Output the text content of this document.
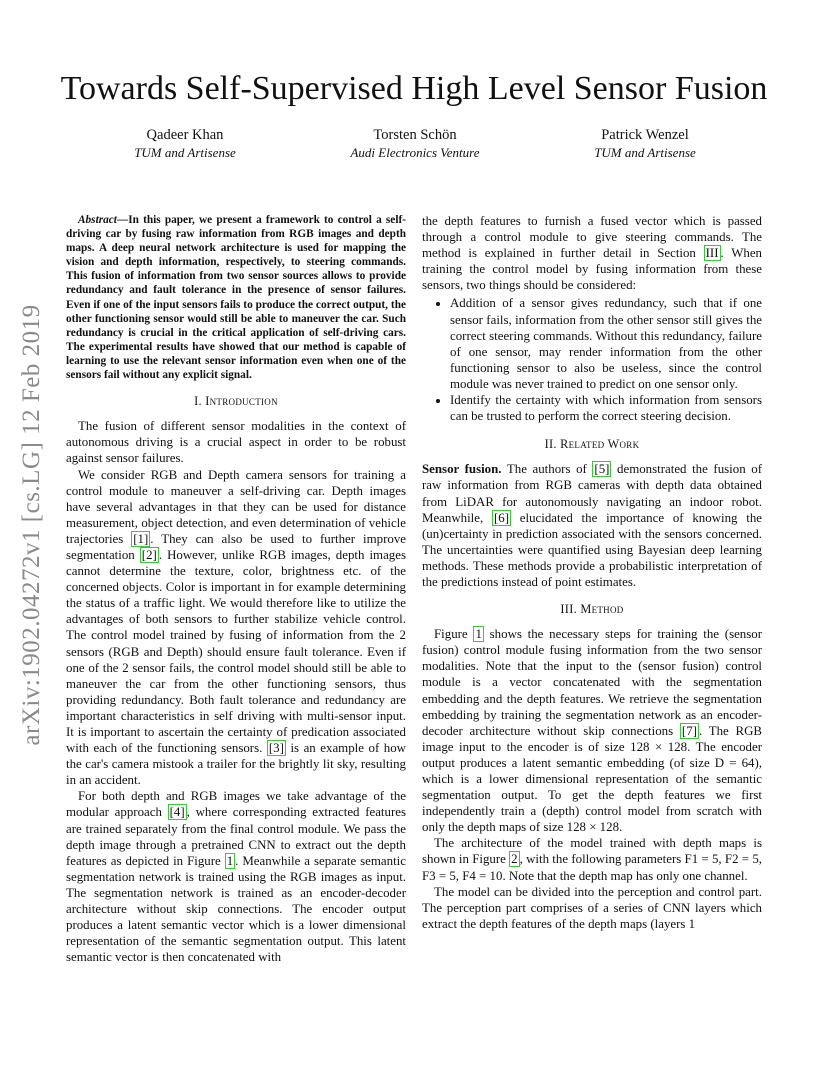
arXiv:1902.04272v1 [cs.LG] 12 Feb 2019
Towards Self-Supervised High Level Sensor Fusion
Qadeer Khan
TUM and Artisense
Torsten Schön
Audi Electronics Venture
Patrick Wenzel
TUM and Artisense

Abstract—In this paper, we present a framework to control a self-driving car by fusing raw information from RGB images and depth maps. A deep neural network architecture is used for mapping the vision and depth information, respectively, to steering commands. This fusion of information from two sensor sources allows to provide redundancy and fault tolerance in the presence of sensor failures. Even if one of the input sensors fails to produce the correct output, the other functioning sensor would still be able to maneuver the car. Such redundancy is crucial in the critical application of self-driving cars. The experimental results have showed that our method is capable of learning to use the relevant sensor information even when one of the sensors fail without any explicit signal.

I. Introduction

The fusion of different sensor modalities in the context of autonomous driving is a crucial aspect in order to be robust against sensor failures.

We consider RGB and Depth camera sensors for training a control module to maneuver a self-driving car. Depth images have several advantages in that they can be used for distance measurement, object detection, and even determination of vehicle trajectories [1] . They can also be used to further improve segmentation [2] . However, unlike RGB images, depth images cannot determine the texture, color, brightness etc. of the concerned objects. Color is important in for example determining the status of a traffic light. We would therefore like to utilize the advantages of both sensors to further stabilize vehicle control. The control model trained by fusing of information from the 2 sensors (RGB and Depth) should ensure fault tolerance. Even if one of the 2 sensor fails, the control model should still be able to maneuver the car from the other functioning sensors, thus providing redundancy. Both fault tolerance and redundancy are important characteristics in self driving with multi-sensor input. It is important to ascertain the certainty of predication associated with each of the functioning sensors. [3] is an example of how the car's camera mistook a trailer for the brightly lit sky, resulting in an accident.

For both depth and RGB images we take advantage of the modular approach [4] , where corresponding extracted features are trained separately from the final control module. We pass the depth image through a pretrained CNN to extract out the depth features as depicted in Figure 1 . Meanwhile a separate semantic segmentation network is trained using the RGB images as input. The segmentation network is trained as an encoder-decoder architecture without skip connections. The encoder output produces a latent semantic vector which is a lower dimensional representation of the semantic segmentation output. This latent semantic vector is then concatenated with

the depth features to furnish a fused vector which is passed through a control module to give steering commands. The method is explained in further detail in Section III . When training the control model by fusing information from these sensors, two things should be considered:

• Addition of a sensor gives redundancy, such that if one sensor fails, information from the other sensor still gives the correct steering commands. Without this redundancy, failure of one sensor, may render information from the other functioning sensor to also be useless, since the control module was never trained to predict on one sensor only.
• Identify the certainty with which information from sensors can be trusted to perform the correct steering decision.
II. Related Work

Sensor fusion. The authors of [5] demonstrated the fusion of raw information from RGB cameras with depth data obtained from LiDAR for autonomously navigating an indoor robot. Meanwhile, [6] elucidated the importance of knowing the (un)certainty in prediction associated with the sensors concerned. The uncertainties were quantified using Bayesian deep learning methods. These methods provide a probabilistic interpretation of the predictions instead of point estimates.

III. Method

Figure 1 shows the necessary steps for training the (sensor fusion) control module fusing information from the two sensor modalities. Note that the input to the (sensor fusion) control module is a vector concatenated with the segmentation embedding and the depth features. We retrieve the segmentation embedding by training the segmentation network as an encoder-decoder architecture without skip connections [7] . The RGB image input to the encoder is of size 128 × 128. The encoder output produces a latent semantic embedding (of size D = 64), which is a lower dimensional representation of the semantic segmentation output. To get the depth features we first independently train a (depth) control model from scratch with only the depth maps of size 128 × 128.

The architecture of the model trained with depth maps is shown in Figure 2 , with the following parameters F1 = 5, F2 = 5, F3 = 5, F4 = 10. Note that the depth map has only one channel.

The model can be divided into the perception and control part. The perception part comprises of a series of CNN layers which extract the depth features of the depth maps (layers 1
